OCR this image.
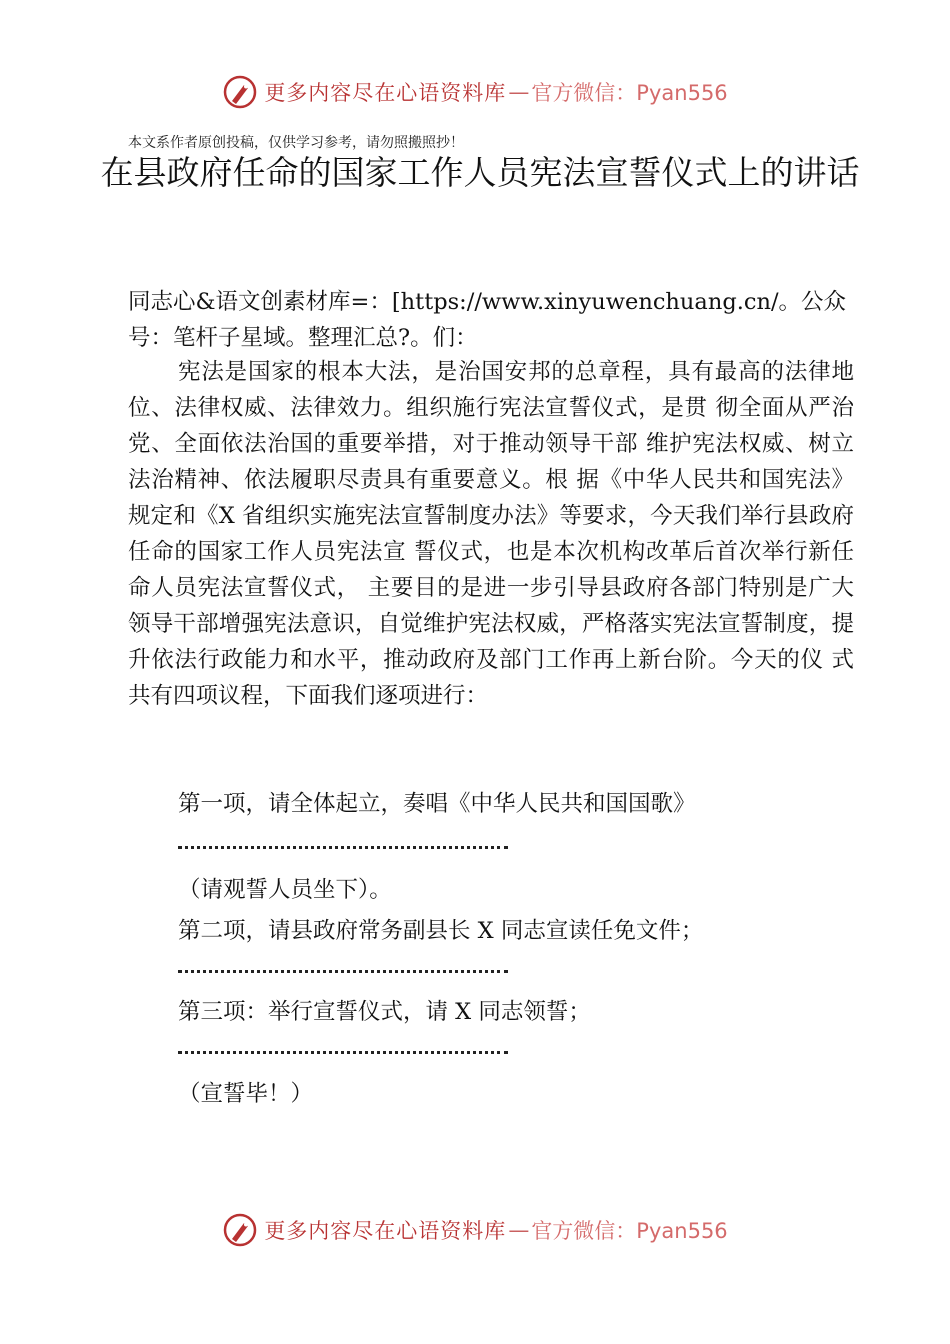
更多内容尽在心语资料库 — 官方微信：Pyan556
本文系作者原创投稿，仅供学习参考，请勿照搬照抄！
在县政府任命的国家工作人员宪法宣誓仪式上的讲话
同志心&语文创素材库=：[https://www.xinyuwenchuang.cn/。公众号：笔杆子星域。整理汇总?。们：
宪法是国家的根本大法，是治国安邦的总章程，具有最高的法律地位、法律权威、法律效力。组织施行宪法宣誓仪式，是贯 彻全面从严治党、全面依法治国的重要举措，对于推动领导干部 维护宪法权威、树立法治精神、依法履职尽责具有重要意义。根 据《中华人民共和国宪法》规定和《X 省组织实施宪法宣誓制度办法》等要求，今天我们举行县政府任命的国家工作人员宪法宣 誓仪式，也是本次机构改革后首次举行新任命人员宪法宣誓仪式， 主要目的是进一步引导县政府各部门特别是广大领导干部增强宪法意识，自觉维护宪法权威，严格落实宪法宣誓制度，提升依法行政能力和水平，推动政府及部门工作再上新台阶。今天的仪 式共有四项议程，下面我们逐项进行：
第一项，请全体起立，奏唱《中华人民共和国国歌》
（请观誓人员坐下）。
第二项，请县政府常务副县长 X 同志宣读任免文件；
第三项：举行宣誓仪式，请 X 同志领誓；
（宣誓毕！）
更多内容尽在心语资料库 — 官方微信：Pyan556
